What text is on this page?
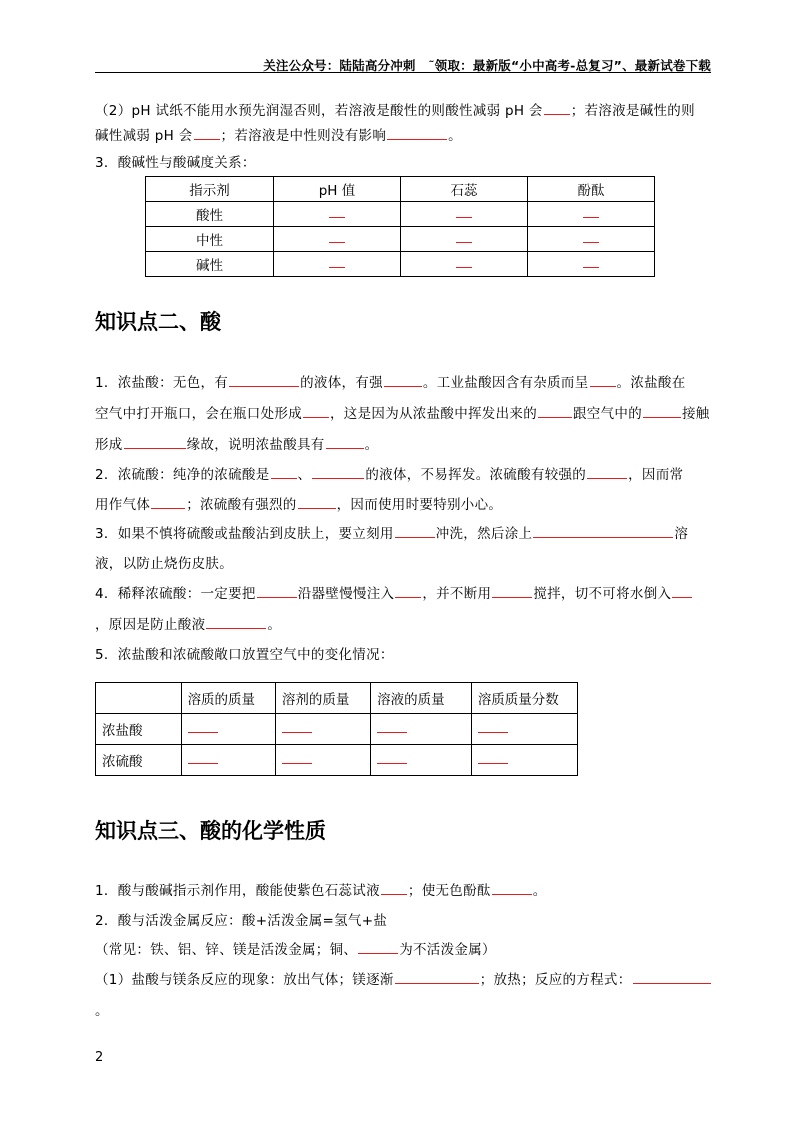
关注公众号：陆陆高分冲刺　˜领取：最新版“小中高考-总复习”、最新试卷下载
（2）pH 试纸不能用水预先润湿否则，若溶液是酸性的则酸性减弱 pH 会 ；若溶液是碱性的则
碱性减弱 pH 会 ；若溶液是中性则没有影响	。
3．酸碱性与酸碱度关系：
指示剂	pH 值	石蕊	酚酞
酸性			
中性			
碱性			
知识点二、酸
1．浓盐酸：无色，有	的液体，有强	。工业盐酸因含有杂质而呈 。浓盐酸在
空气中打开瓶口，会在瓶口处形成 ，这是因为从浓盐酸中挥发出来的	跟空气中的	接触
形成	缘故，说明浓盐酸具有	。
2．浓硫酸：纯净的浓硫酸是 、	的液体，不易挥发。浓硫酸有较强的	，因而常
用作气体	；浓硫酸有强烈的	，因而使用时要特别小心。
3．如果不慎将硫酸或盐酸沾到皮肤上，要立刻用	冲洗，然后涂上	溶
液，以防止烧伤皮肤。
4．稀释浓硫酸：一定要把	沿器壁慢慢注入 ，并不断用	搅拌，切不可将水倒入
，原因是防止酸液	。
5．浓盐酸和浓硫酸敞口放置空气中的变化情况：
	溶质的质量	溶剂的质量	溶液的质量	溶质质量分数
浓盐酸				
浓硫酸				
知识点三、酸的化学性质
1．酸与酸碱指示剂作用，酸能使紫色石蕊试液 ；使无色酚酞	。
2．酸与活泼金属反应：酸+活泼金属=氢气+盐
（常见：铁、铝、锌、镁是活泼金属；铜、	为不活泼金属）
（1）盐酸与镁条反应的现象：放出气体；镁逐渐	；放热；反应的方程式：
。
2
